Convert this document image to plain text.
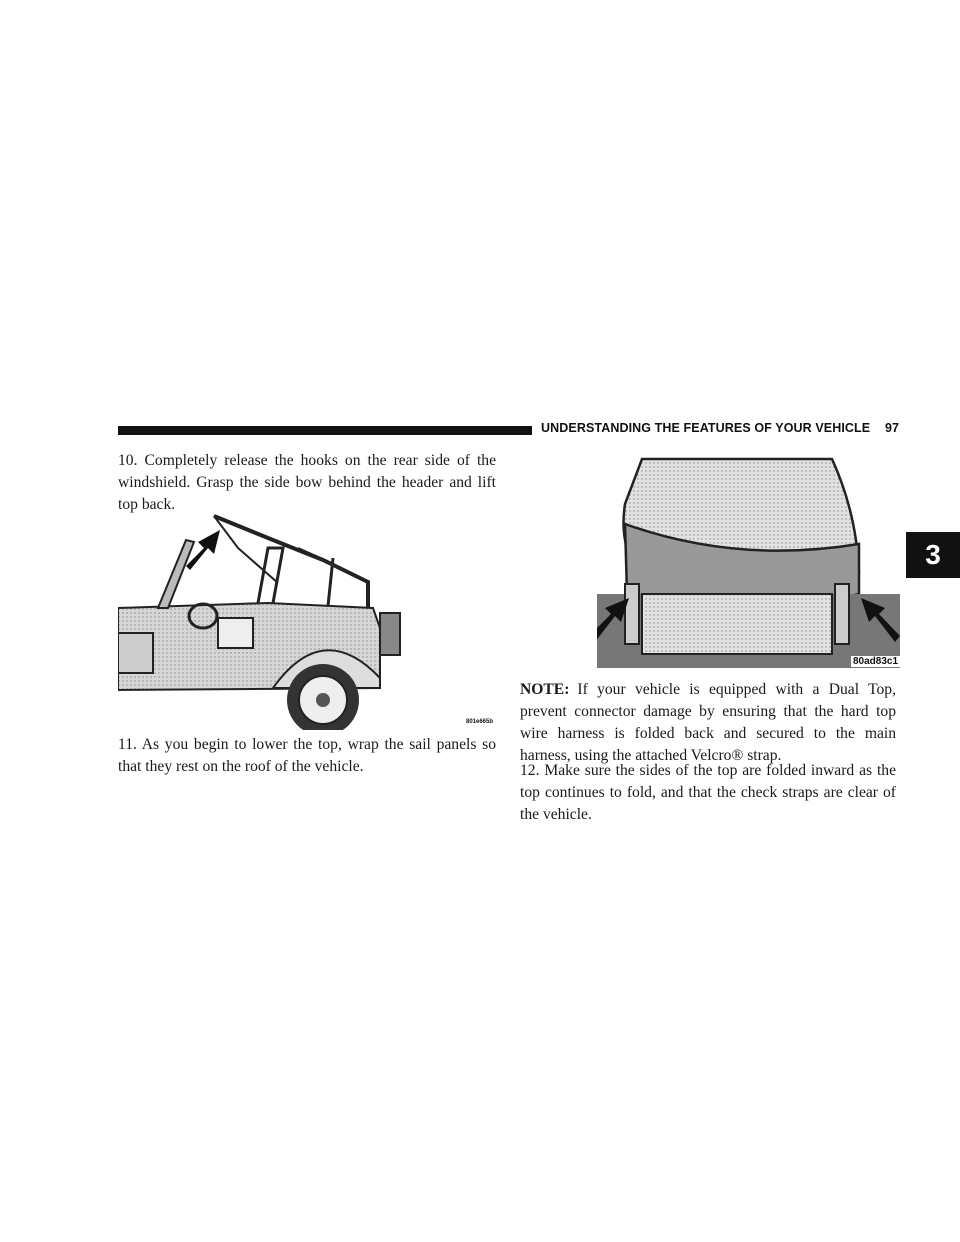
UNDERSTANDING THE FEATURES OF YOUR VEHICLE 97
3

10. Completely release the hooks on the rear side of the windshield. Grasp the side bow behind the header and lift top back.

801e665b

11. As you begin to lower the top, wrap the sail panels so that they rest on the roof of the vehicle.

80ad83c1

NOTE: If your vehicle is equipped with a Dual Top, prevent connector damage by ensuring that the hard top wire harness is folded back and secured to the main harness, using the attached Velcro® strap.

12. Make sure the sides of the top are folded inward as the top continues to fold, and that the check straps are clear of the vehicle.
